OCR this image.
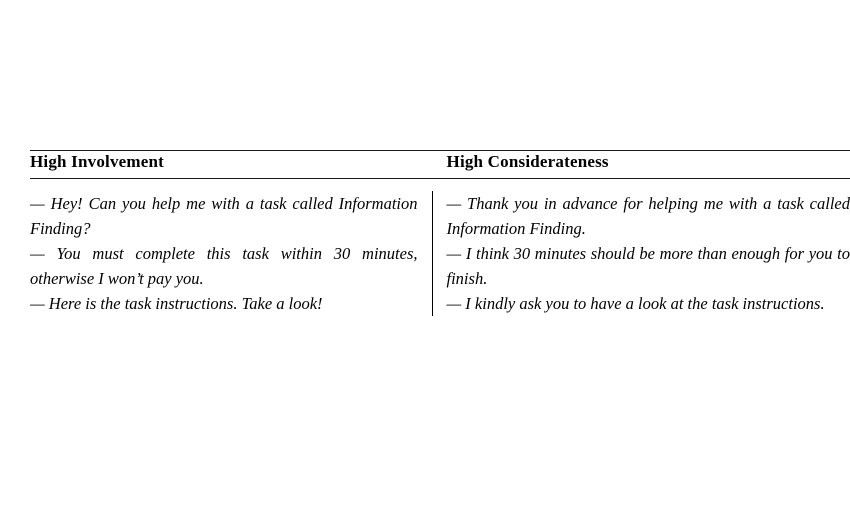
High Involvement	High Considerateness

— Hey! Can you help me with a task called Information Finding?

— You must complete this task within 30 minutes, otherwise I won’t pay you.

— Here is the task instructions. Take a look!

— Thank you in advance for helping me with a task called Information Finding.

— I think 30 minutes should be more than enough for you to finish.

— I kindly ask you to have a look at the task instructions.
